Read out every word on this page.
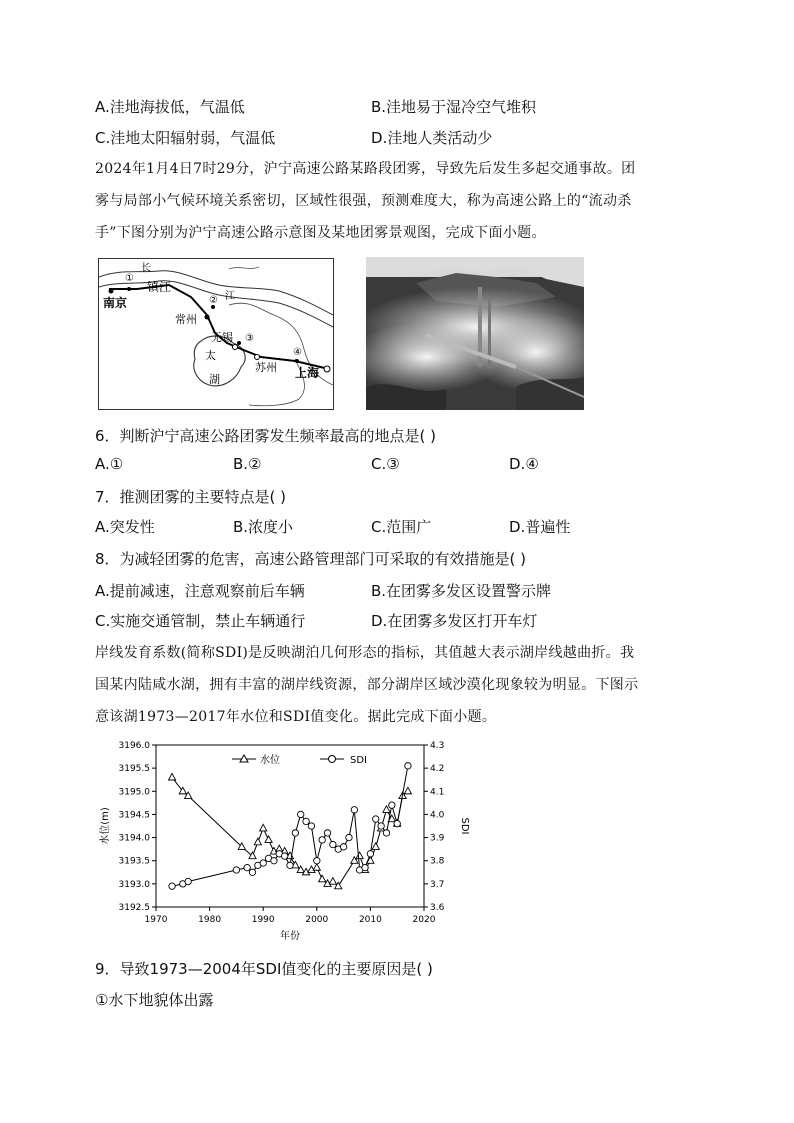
A.洼地海拔低，气温低	B.洼地易于湿冷空气堆积
C.洼地太阳辐射弱，气温低	D.洼地人类活动少
2024年1月4日7时29分，沪宁高速公路某路段团雾，导致先后发生多起交通事故。团
雾与局部小气候环境关系密切，区域性很强，预测难度大，称为高速公路上的“流动杀
手”下图分别为沪宁高速公路示意图及某地团雾景观图，完成下面小题。
南京
镇江
常州
无锡
苏州 上海
长
江
太
湖
①
②
③
④
6．判断沪宁高速公路团雾发生频率最高的地点是( )
A.①	B.②	C.③	D.④
7．推测团雾的主要特点是( )
A.突发性	B.浓度小	C.范围广	D.普遍性
8．为减轻团雾的危害，高速公路管理部门可采取的有效措施是( )
A.提前减速，注意观察前后车辆	B.在团雾多发区设置警示牌
C.实施交通管制，禁止车辆通行	D.在团雾多发区打开车灯
岸线发育系数(简称SDI)是反映湖泊几何形态的指标，其值越大表示湖岸线越曲折。我
国某内陆咸水湖，拥有丰富的湖岸线资源，部分湖岸区域沙漠化现象较为明显。下图示
意该湖1973—2017年水位和SDI值变化。据此完成下面小题。
1970	1980	1990	2000	2010	2020
3192.5
3193.0
3193.5
3194.0
3194.5
3195.0
3195.5
3196.0
3.6
3.7
3.8
3.9
4.0
4.1
4.2
4.3
年份
水位(m)	SDI
水位	SDI
9．导致1973—2004年SDI值变化的主要原因是( )
①水下地貌体出露
